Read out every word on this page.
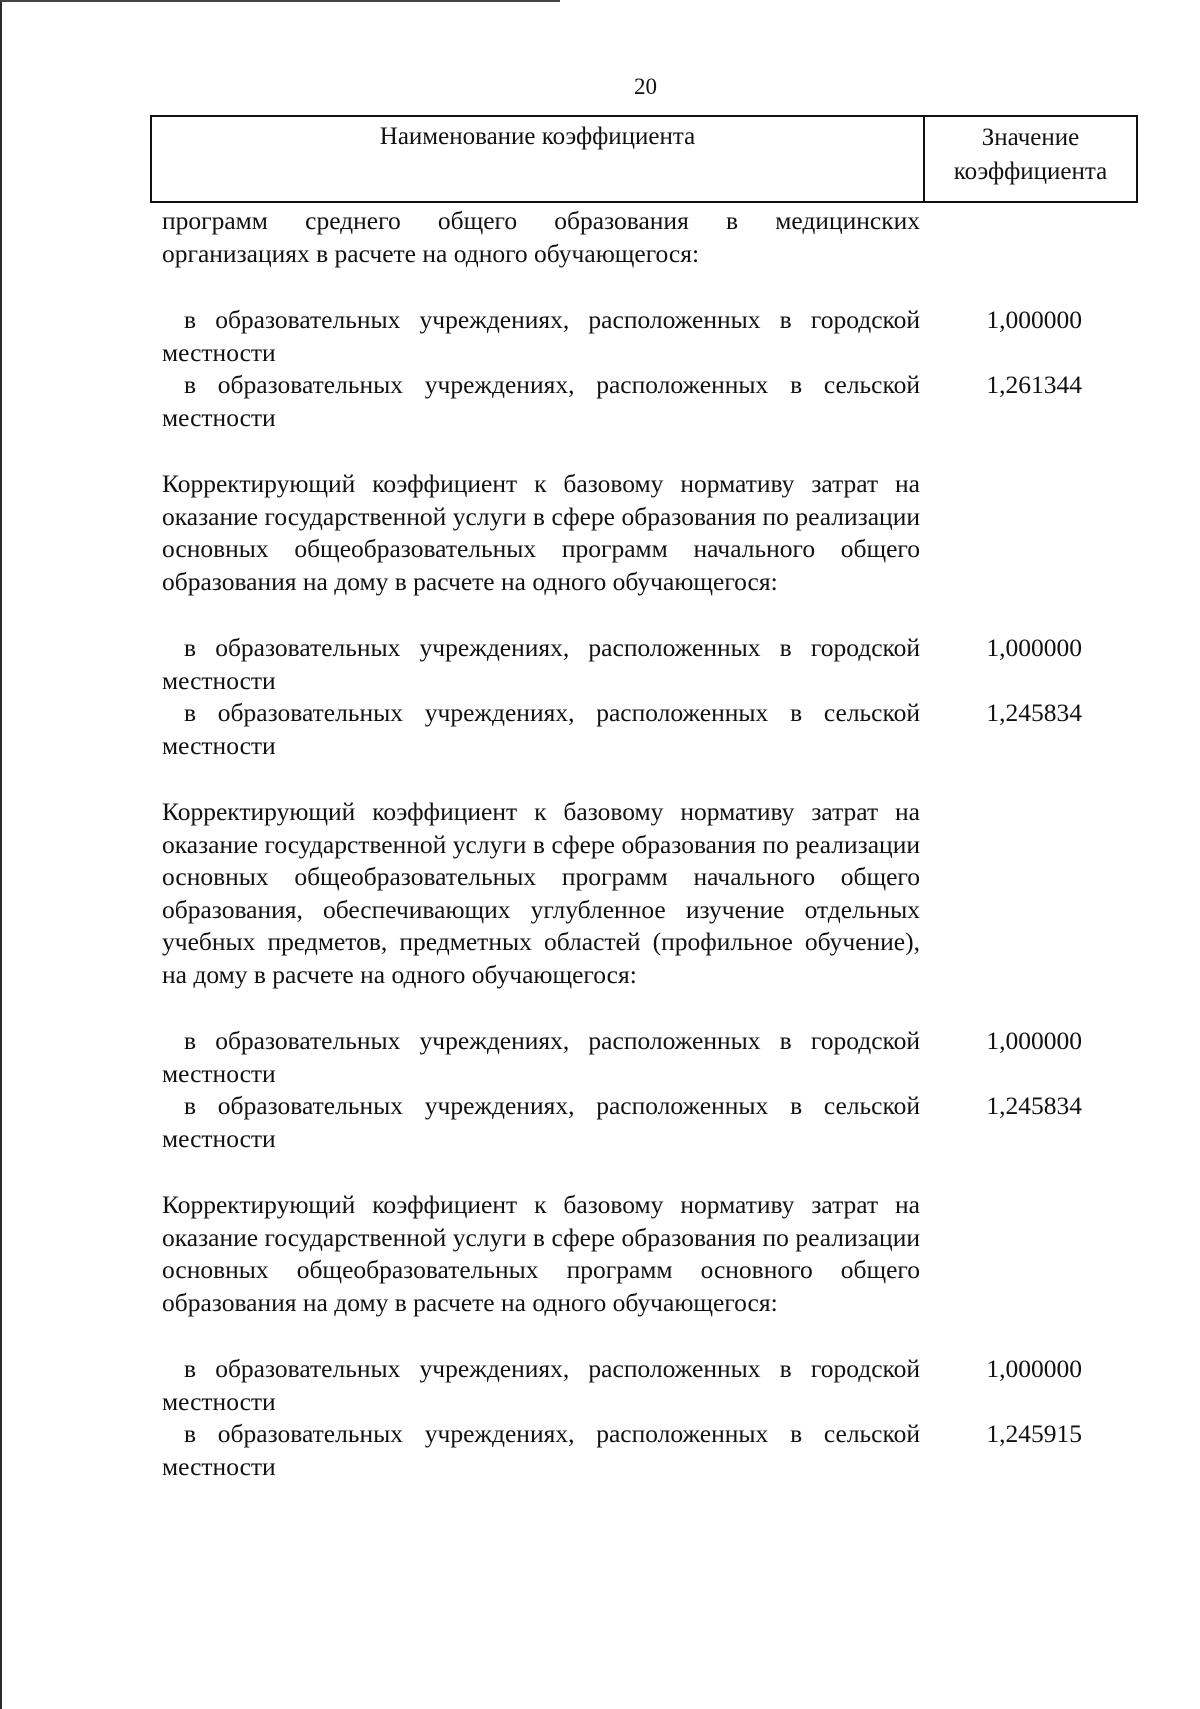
20
Наименование коэффициента	Значение
коэффициента
программ среднего общего образования в медицинских организациях в расчете на одного обучающегося:
в образовательных учреждениях, расположенных в городской местности
1,000000
в образовательных учреждениях, расположенных в сельской местности
1,261344
Корректирующий коэффициент к базовому нормативу затрат на оказание государственной услуги в сфере образования по реализации основных общеобразовательных программ начального общего образования на дому в расчете на одного обучающегося:
в образовательных учреждениях, расположенных в городской местности
1,000000
в образовательных учреждениях, расположенных в сельской местности
1,245834
Корректирующий коэффициент к базовому нормативу затрат на оказание государственной услуги в сфере образования по реализации основных общеобразовательных программ начального общего образования, обеспечивающих углубленное изучение отдельных учебных предметов, предметных областей (профильное обучение), на дому в расчете на одного обучающегося:
в образовательных учреждениях, расположенных в городской местности
1,000000
в образовательных учреждениях, расположенных в сельской местности
1,245834
Корректирующий коэффициент к базовому нормативу затрат на оказание государственной услуги в сфере образования по реализации основных общеобразовательных программ основного общего образования на дому в расчете на одного обучающегося:
в образовательных учреждениях, расположенных в городской местности
1,000000
в образовательных учреждениях, расположенных в сельской местности
1,245915
